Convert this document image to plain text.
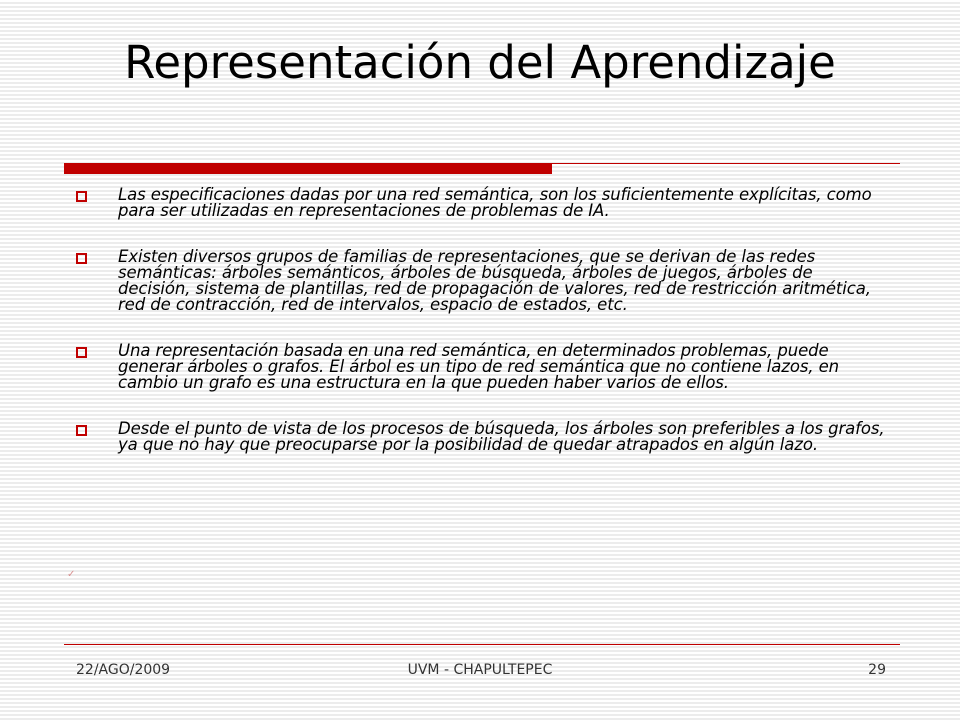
Representación del Aprendizaje
Las especificaciones dadas por una red semántica, son los suficientemente explícitas, como para ser utilizadas en representaciones de problemas de IA.
Existen diversos grupos de familias de representaciones, que se derivan de las redes semánticas: árboles semánticos, árboles de búsqueda, árboles de juegos, árboles de decisión, sistema de plantillas, red de propagación de valores, red de restricción aritmética, red de contracción, red de intervalos, espacio de estados, etc.
Una representación basada en una red semántica, en determinados problemas, puede generar árboles o grafos. El árbol es un tipo de red semántica que no contiene lazos, en cambio un grafo es una estructura en la que pueden haber varios de ellos.
Desde el punto de vista de los procesos de búsqueda, los árboles son preferibles a los grafos, ya que no hay que preocuparse por la posibilidad de quedar atrapados en algún lazo.
✓
22/AGO/2009	UVM - CHAPULTEPEC	29
